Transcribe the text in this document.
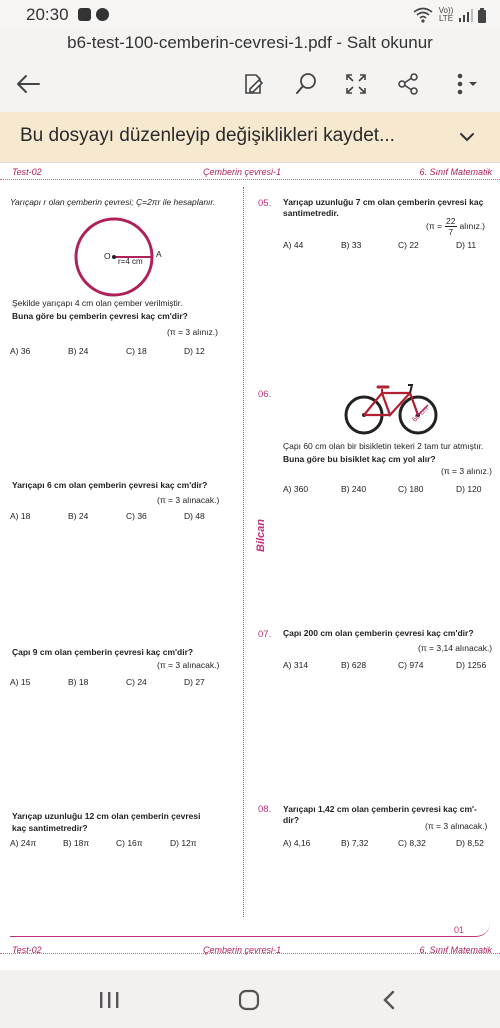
20:30	Vo)) LTE
b6-test-100-cemberin-cevresi-1.pdf - Salt okunur
Bu dosyayı düzenleyip değişiklikleri kaydet...
Test-02	Çemberin çevresi-1	6. Sınıf Matematik
Bilcan
Yarıçapı r olan çemberin çevresi; Ç=2πr ile hesaplanır.
O	A
r=4 cm
Şekilde yarıçapı 4 cm olan çember verilmiştir.
Buna göre bu çemberin çevresi kaç cm'dir?
(π = 3 alınız.)
A) 36	B) 24	C) 18	D) 12
Yarıçapı 6 cm olan çemberin çevresi kaç cm'dir?
(π = 3 alınacak.)
A) 18	B) 24	C) 36	D) 48
Çapı 9 cm olan çemberin çevresi kaç cm'dir?
(π = 3 alınacak.)
A) 15	B) 18	C) 24	D) 27
Yarıçap uzunluğu 12 cm olan çemberin çevresi
kaç santimetredir?
A) 24π	B) 18π	C) 16π	D) 12π
05. Yarıçap uzunluğu 7 cm olan çemberin çevresi kaç
santimetredir.
($\pi = \frac{22}{7}$ alınız.)
A) 44	B) 33	C) 22	D) 11
06.
60 cm
Çapı 60 cm olan bir bisikletin tekeri 2 tam tur atmıştır.
Buna göre bu bisiklet kaç cm yol alır?
(π = 3 alınız.)
A) 360	B) 240	C) 180	D) 120
07. Çapı 200 cm olan çemberin çevresi kaç cm'dir?
(π = 3,14 alınacak.)
A) 314	B) 628	C) 974	D) 1256
08. Yarıçapı 1,42 cm olan çemberin çevresi kaç cm'-
dir?
(π = 3 alınacak.)
A) 4,16	B) 7,32	C) 8,32	D) 8,52
01
Test-02	Çemberin çevresi-1	6. Sınıf Matematik
